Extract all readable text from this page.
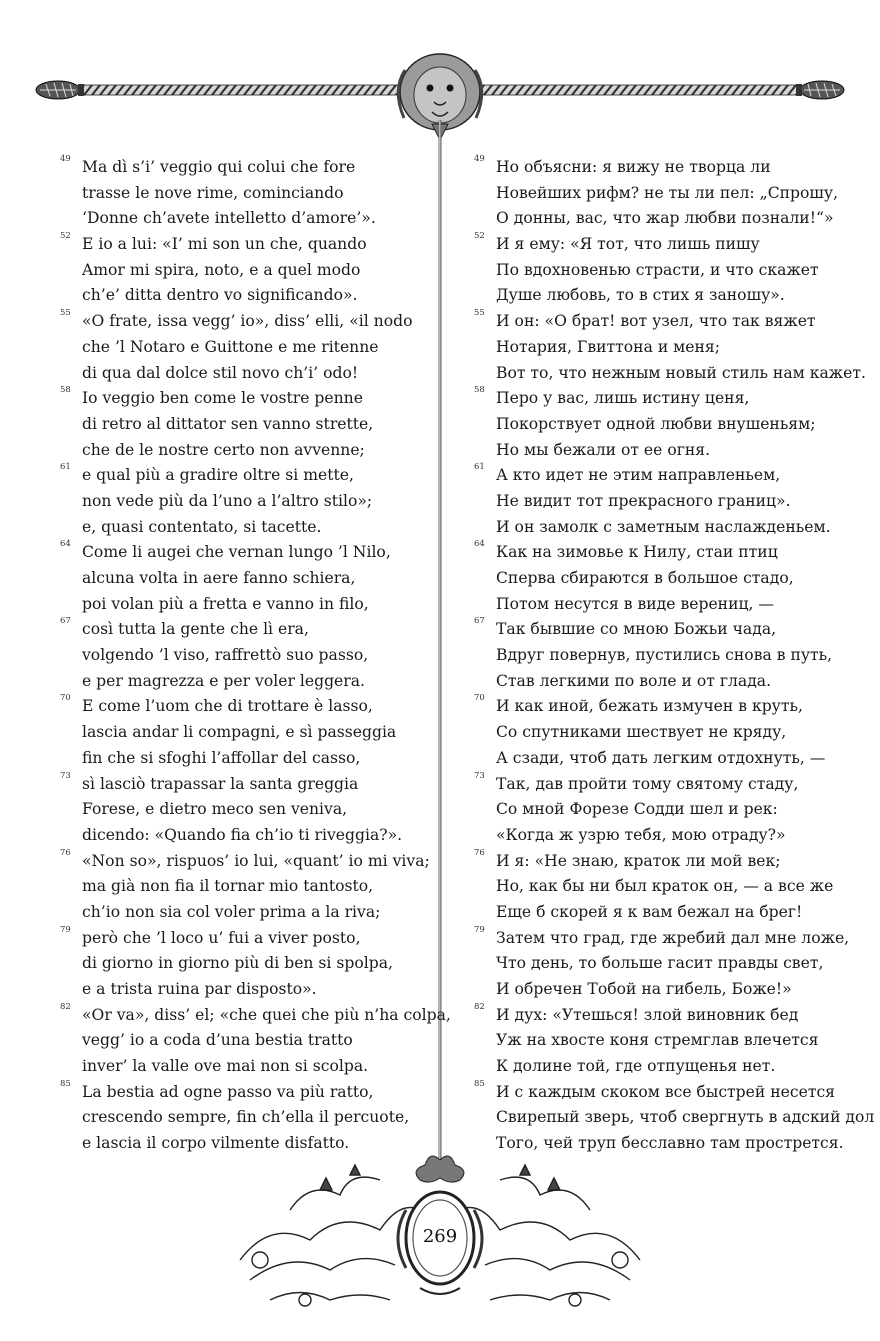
49 Ma dì s’i’ veggio qui colui che fore
trasse le nove rime, cominciando
‘Donne ch’avete intelletto d’amore’».
52 E io a lui: «I’ mi son un che, quando
Amor mi spira, noto, e a quel modo
ch’e’ ditta dentro vo significando».
55 «O frate, issa vegg’ io», diss’ elli, «il nodo
che ’l Notaro e Guittone e me ritenne
di qua dal dolce stil novo ch’i’ odo!
58 Io veggio ben come le vostre penne
di retro al dittator sen vanno strette,
che de le nostre certo non avvenne;
61 e qual più a gradire oltre si mette,
non vede più da l’uno a l’altro stilo»;
e, quasi contentato, si tacette.
64 Come li augei che vernan lungo ’l Nilo,
alcuna volta in aere fanno schiera,
poi volan più a fretta e vanno in filo,
67 così tutta la gente che lì era,
volgendo ’l viso, raffrettò suo passo,
e per magrezza e per voler leggera.
70 E come l’uom che di trottare è lasso,
lascia andar li compagni, e sì passeggia
fin che si sfoghi l’affollar del casso,
73 sì lasciò trapassar la santa greggia
Forese, e dietro meco sen veniva,
dicendo: «Quando fia ch’io ti riveggia?».
76 «Non so», rispuos’ io lui, «quant’ io mi viva;
ma già non fia il tornar mio tantosto,
ch’io non sia col voler prima a la riva;
79 però che ’l loco u’ fui a viver posto,
di giorno in giorno più di ben si spolpa,
e a trista ruina par disposto».
82 «Or va», diss’ el; «che quei che più n’ha colpa,
vegg’ io a coda d’una bestia tratto
inver’ la valle ove mai non si scolpa.
85 La bestia ad ogne passo va più ratto,
crescendo sempre, fin ch’ella il percuote,
e lascia il corpo vilmente disfatto.
49 Но объясни: я вижу не творца ли
Новейших рифм? не ты ли пел: „Спрошу,
О донны, вас, что жар любви познали!“»
52 И я ему: «Я тот, что лишь пишу
По вдохновенью страсти, и что скажет
Душе любовь, то в стих я заношу».
55 И он: «О брат! вот узел, что так вяжет
Нотария, Гвиттона и меня;
Вот то, что нежным новый стиль нам кажет.
58 Перо у вас, лишь истину ценя,
Покорствует одной любви внушеньям;
Но мы бежали от ее огня.
61 А кто идет не этим направленьем,
Не видит тот прекрасного границ».
И он замолк с заметным наслажденьем.
64 Как на зимовье к Нилу, стаи птиц
Сперва сбираются в большое стадо,
Потом несутся в виде верениц, —
67 Так бывшие со мною Божьи чада,
Вдруг повернув, пустились снова в путь,
Став легкими по воле и от глада.
70 И как иной, бежать измучен в круть,
Со спутниками шествует не кряду,
А сзади, чтоб дать легким отдохнуть, —
73 Так, дав пройти тому святому стаду,
Со мной Форезе Содди шел и рек:
«Когда ж узрю тебя, мою отраду?»
76 И я: «Не знаю, краток ли мой век;
Но, как бы ни был краток он, — а все же
Еще б скорей я к вам бежал на брег!
79 Затем что град, где жребий дал мне ложе,
Что день, то больше гасит правды свет,
И обречен Тобой на гибель, Боже!»
82 И дух: «Утешься! злой виновник бед
Уж на хвосте коня стремглав влечется
К долине той, где отпущенья нет.
85 И с каждым скоком все быстрей несется
Свирепый зверь, чтоб свергнуть в адский дол
Того, чей труп бесславно там прострется.
269
